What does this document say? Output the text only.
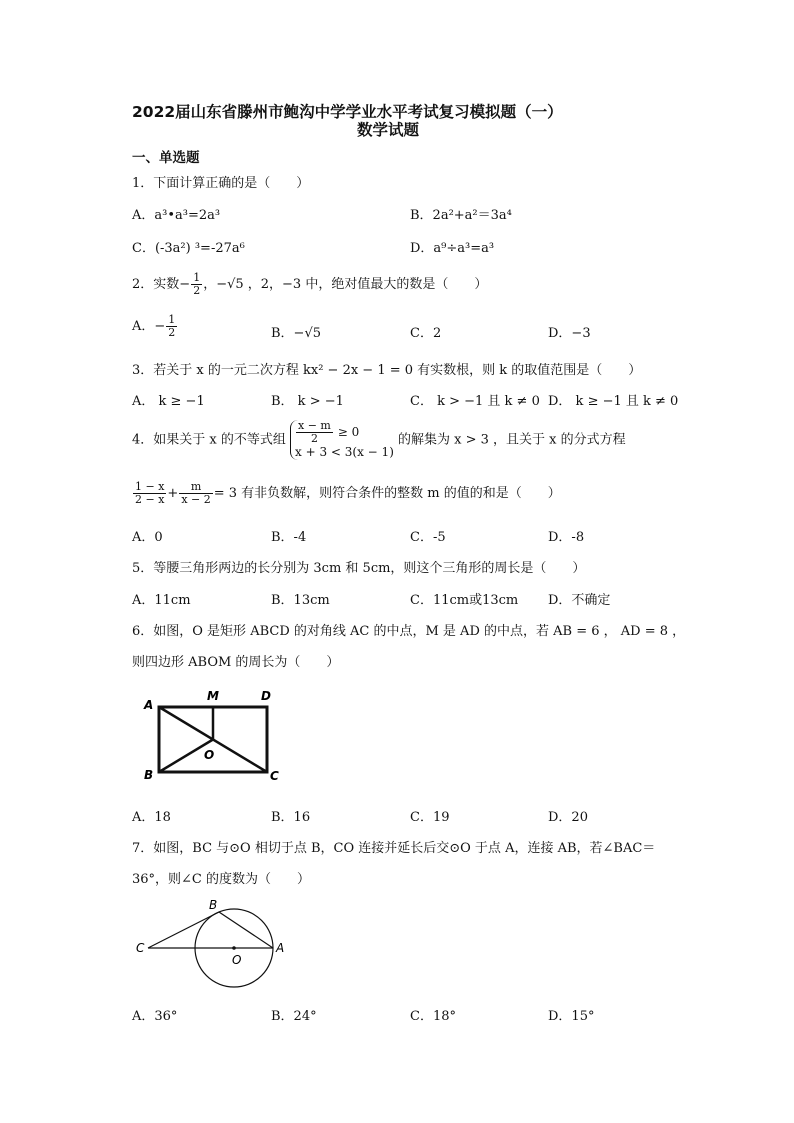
2022届山东省滕州市鲍沟中学学业水平考试复习模拟题（一）
数学试题
一、单选题
1．下面计算正确的是（　　）
A．a³•a³=2a³	B．2a²+a²＝3a⁴
C．(-3a²) ³=-27a⁶	D．a⁹÷a³=a³
2．实数− $\frac{1}{2}$ ，−√5 ，2，−3 中，绝对值最大的数是（　　）
A．− $\frac{1}{2}$	B．−√5	C．2	D．−3
3．若关于 x 的一元二次方程 kx² − 2x − 1 = 0 有实数根，则 k 的取值范围是（　　）
A． k ≥ −1	B． k > −1	C． k > −1 且 k ≠ 0 D． k ≥ −1 且 k ≠ 0
4．如果关于 x 的不等式组 $\frac{x - m}{2} \ge 0$
x + 3 < 3(x − 1)
的解集为 x > 3 ，且关于 x 的分式方程
$\frac{1 - x}{2 - x} + \frac{m}{x - 2} = 3$ 有非负数解，则符合条件的整数 m 的值的和是（　　）
A．0	B．-4	C．-5	D．-8
5．等腰三角形两边的长分别为 3cm 和 5cm，则这个三角形的周长是（　　）
A．11cm	B．13cm	C．11cm或13cm D．不确定
6．如图，O 是矩形 ABCD 的对角线 AC 的中点，M 是 AD 的中点，若 AB = 6 ， AD = 8 ，
则四边形 ABOM 的周长为（　　）
A
M	D
O
B	C
A．18	B．16	C．19	D．20
7．如图，BC 与⊙O 相切于点 B，CO 连接并延长后交⊙O 于点 A，连接 AB，若∠BAC＝
36°，则∠C 的度数为（　　）
B
C
O
A
A．36°	B．24°	C．18°	D．15°
